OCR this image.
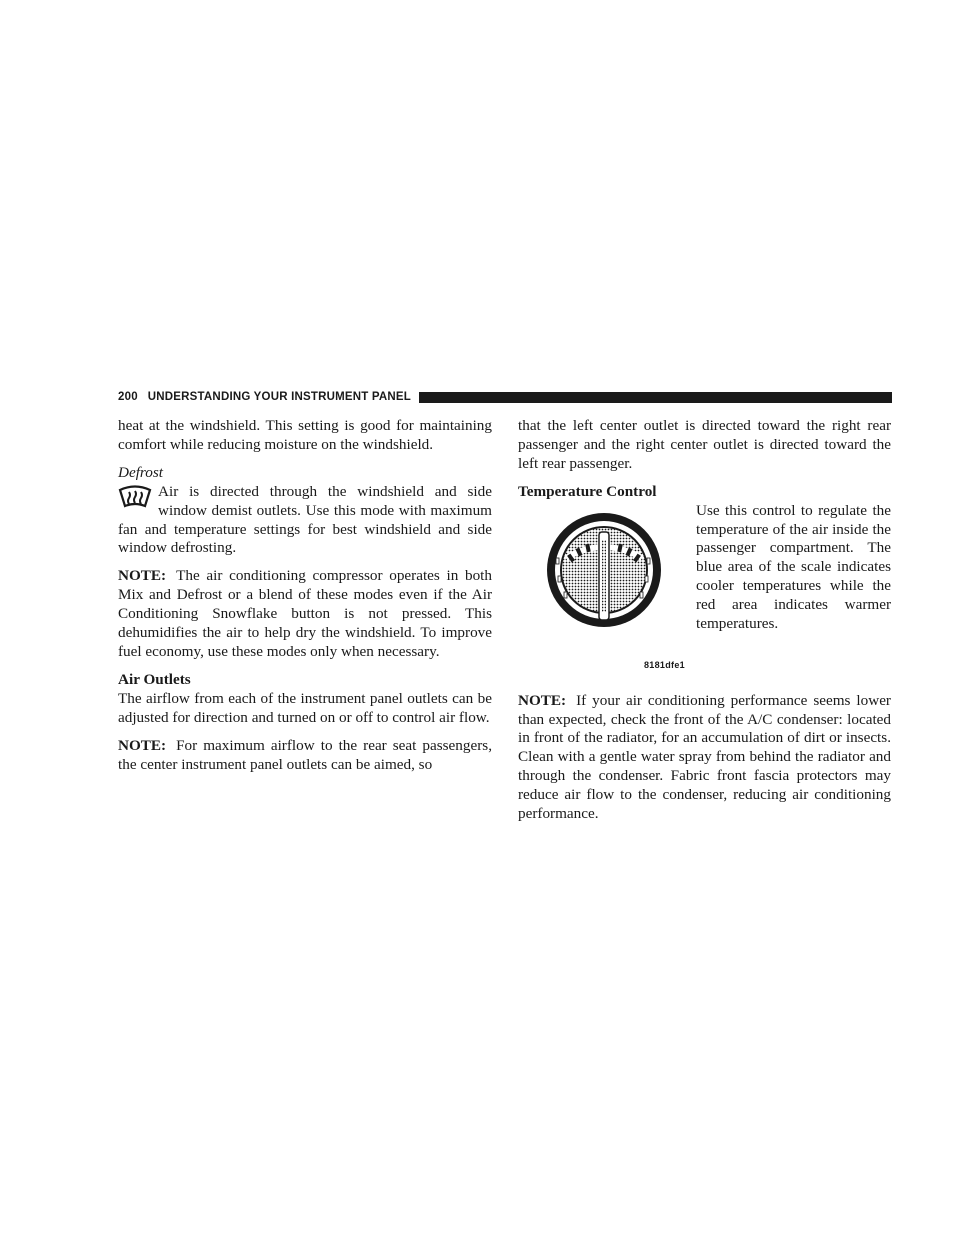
200 UNDERSTANDING YOUR INSTRUMENT PANEL

heat at the windshield. This setting is good for maintaining comfort while reducing moisture on the windshield.

Defrost

Air is directed through the windshield and side window demist outlets. Use this mode with maximum fan and temperature settings for best windshield and side window defrosting.

NOTE: The air conditioning compressor operates in both Mix and Defrost or a blend of these modes even if the Air Conditioning Snowflake button is not pressed. This dehumidifies the air to help dry the windshield. To improve fuel economy, use these modes only when necessary.

Air Outlets

The airflow from each of the instrument panel outlets can be adjusted for direction and turned on or off to control air flow.

NOTE: For maximum airflow to the rear seat passengers, the center instrument panel outlets can be aimed, so

that the left center outlet is directed toward the right rear passenger and the right center outlet is directed toward the left rear passenger.

Temperature Control

8181dfe1

Use this control to regulate the temperature of the air inside the passenger compartment. The blue area of the scale indicates cooler temperatures while the red area indicates warmer temperatures.

NOTE: If your air conditioning performance seems lower than expected, check the front of the A/C condenser: located in front of the radiator, for an accumulation of dirt or insects. Clean with a gentle water spray from behind the radiator and through the condenser. Fabric front fascia protectors may reduce air flow to the condenser, reducing air conditioning performance.
